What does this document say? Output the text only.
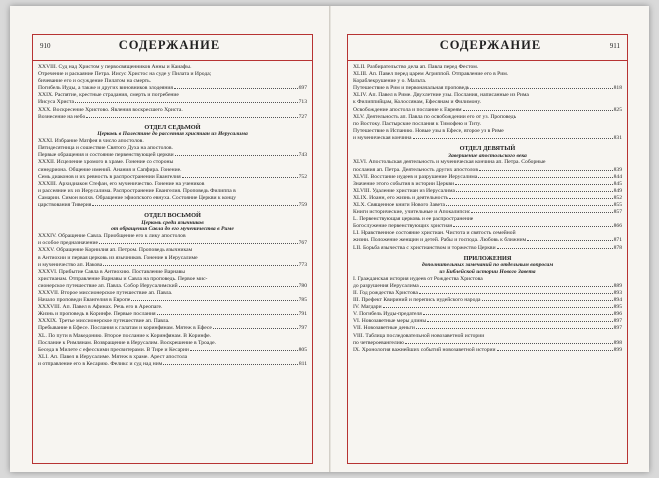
910	СОДЕРЖАНИЕ
XXVIII. Суд над Христом у первосвященников Анны и Каиафы.
Отречение и раскаяние Петра. Иисус Христос на суде у Пилата и Ирода;
бичевание его и осуждение Пилатом на смерть.
Погибель Иуды, а также и других виновников злодеяния	697
XXIX. Распятие, крестные страдания, смерть и погребение
Иисуса Христа	713
XXX. Воскресение Христово. Явления воскресшего Христа.
Вознесение на небо	727
ОТДЕЛ СЕДЬМОЙ
Церковь в Палестине до рассеяния христиан из Иерусалима
XXXI. Избрание Матфея в число апостолов.
Пятидесятница и сошествие Святого Духа на апостолов.
Первые обращения и состояние первенствующей церкви	743
XXXII. Исцеление хромого в храме. Гонение со стороны
синедриона. Общение имений. Анания и Сапфира. Гонение.
Семь диаконов и их ревность в распространении Евангелия	752
XXXIII. Архидиакон Стефан, его мученичество. Гонение на учеников
и рассеяние их из Иерусалима. Распространение Евангелия. Проповедь Филиппа в
Самарии. Симон волхв. Обращение эфиопского евнуха. Состояние Церкви к концу
царствования Тиверия	759
ОТДЕЛ ВОСЬМОЙ
Церковь среди язычников
от обращения Савла до его мученичества в Риме
XXXIV. Обращение Савла. Приобщение его к лику апостолов
и особое предназначение	767
XXXV. Обращение Корнилия ап. Петром. Проповедь язычникам
в Антиохии и первая церковь из язычников. Гонение в Иерусалиме
и мученичество ап. Иакова	773
XXXVI. Прибытие Савла в Антиохию. Поставление Варнавы
христианам. Отправление Варнавы и Савла на проповедь. Первое мис-
сионерское путешествие ап. Павла. Собор Иерусалимский	780
XXXVII. Второе миссионерское путешествие ап. Павла.
Начало проповеди Евангелия в Европе	785
XXXVIII. Ап. Павел в Афинах. Речь его в Ареопаге.
Жизнь и проповедь в Коринфе. Первые послания	791
XXXIX. Третье миссионерское путешествие ап. Павла.
Пребывание в Ефесе. Послания к галатам и коринфянам. Мятеж в Ефесе	797
XL. По пути в Македонию. Второе послание к Коринфянам. В Коринфе.
Послание к Римлянам. Возвращение в Иерусалим. Воскрешение в Троаде.
Беседа в Милете с ефесскими пресвитерами. В Тире и Кесарии	805
XLI. Ап. Павел в Иерусалиме. Мятеж в храме. Арест апостола
и отправление его в Кесарию. Феликс и суд над ним	811
СОДЕРЖАНИЕ	911
XLII. Разбирательство дела ап. Павла перед Фестом.
XLIII. Ап. Павел перед царем Агриппой. Отправление его в Рим.
Кораблекрушение у о. Мальта.
Путешествие в Рим и первоначальная проповедь	818
XLIV. Ап. Павел в Риме. Двухлетние узы. Послания, написанные из Рима
к Филиппийцам, Колоссянам, Ефесянам и Филимону.
Освобождение апостола и послание к Евреям	825
XLV. Деятельность ап. Павла по освобождении его от уз. Проповедь
по Востоку. Пастырские послания к Тимофею и Титу.
Путешествие в Испанию. Новые узы в Ефесе, второе уз в Риме
и мученическая кончина	831
ОТДЕЛ ДЕВЯТЫЙ
Завершение апостольского века
XLVI. Апостольская деятельность и мученическая кончина ап. Петра. Соборные
послания ап. Петра. Деятельность других апостолов	839
XLVII. Восстание иудеев и разрушение Иерусалима	844
Значение этого события в истории Церкви	845
XLVIII. Удаление христиан из Иерусалима	849
XLIX. Иоанн, его жизнь и деятельность	852
XLX. Священное книги Нового Завета	855
Книги исторические, учительные и Апокалипсис	857
L. Первенствующая церковь и ее распространение
Богослужение первенствующих христиан	866
LI. Нравственное состояние христиан. Чистота и святость семейной
жизни. Положение женщин и детей. Рабы и господа. Любовь к ближним	871
LII. Борьба язычества с христианством и торжество Церкви	878
ПРИЛОЖЕНИЯ
дополнительных замечаний по отдельным вопросам
из Библейской истории Нового Завета
I. Гражданская история иудеев от Рождества Христова
до разрушения Иерусалима	889
II. Год рождества Христова	893
III. Префект Квириний и перепись иудейского народа	894
IV. Магдари	895
V. Погибель Иуды-предателя	896
VI. Новозаветные меры длины	897
VII. Новозаветные деньги	897
VIII. Таблица последовательной новозаветной истории
по четвероевангелию	898
IX. Хронология важнейших событий новозаветной истории	899
